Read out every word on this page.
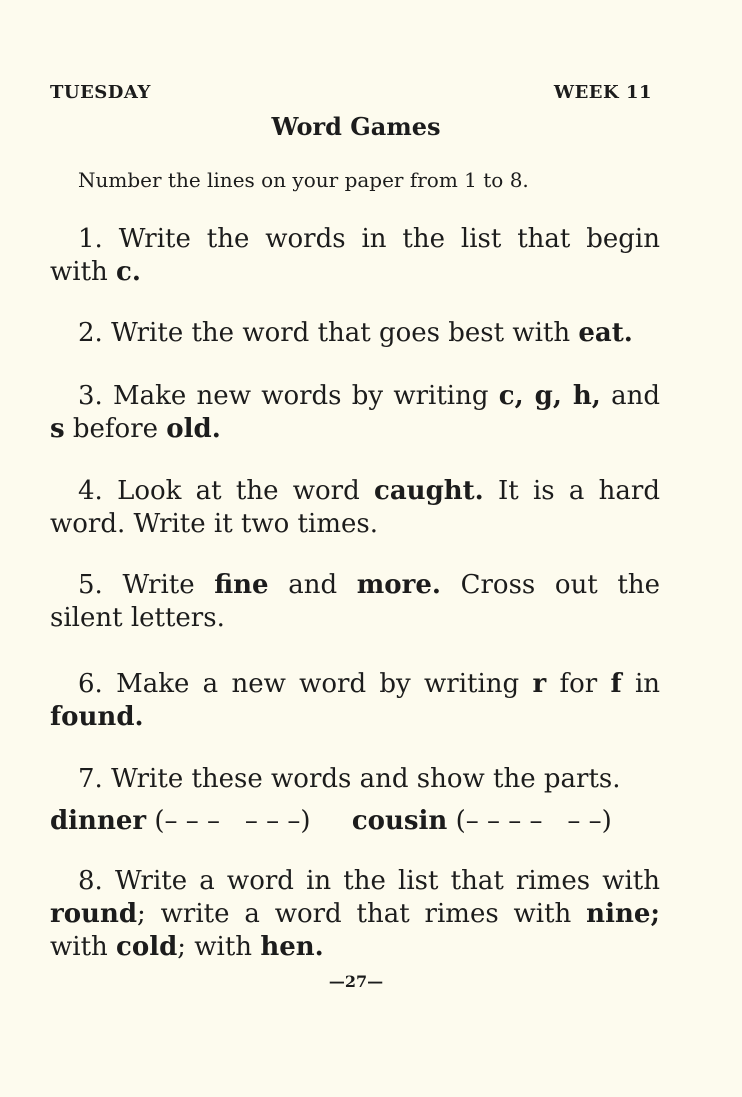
TUESDAY	WEEK 11
Word Games
Number the lines on your paper from 1 to 8.

1. Write the words in the list that begin with c.

2. Write the word that goes best with eat.

3. Make new words by writing c, g, h, and s before old.

4. Look at the word caught. It is a hard word. Write it two times.

5. Write fine and more. Cross out the silent letters.

6. Make a new word by writing r for f in found.

7. Write these words and show the parts.

dinner (– – –   – – –) cousin (– – – –   – –)

8. Write a word in the list that rimes with round; write a word that rimes with nine; with cold; with hen.

—27—
